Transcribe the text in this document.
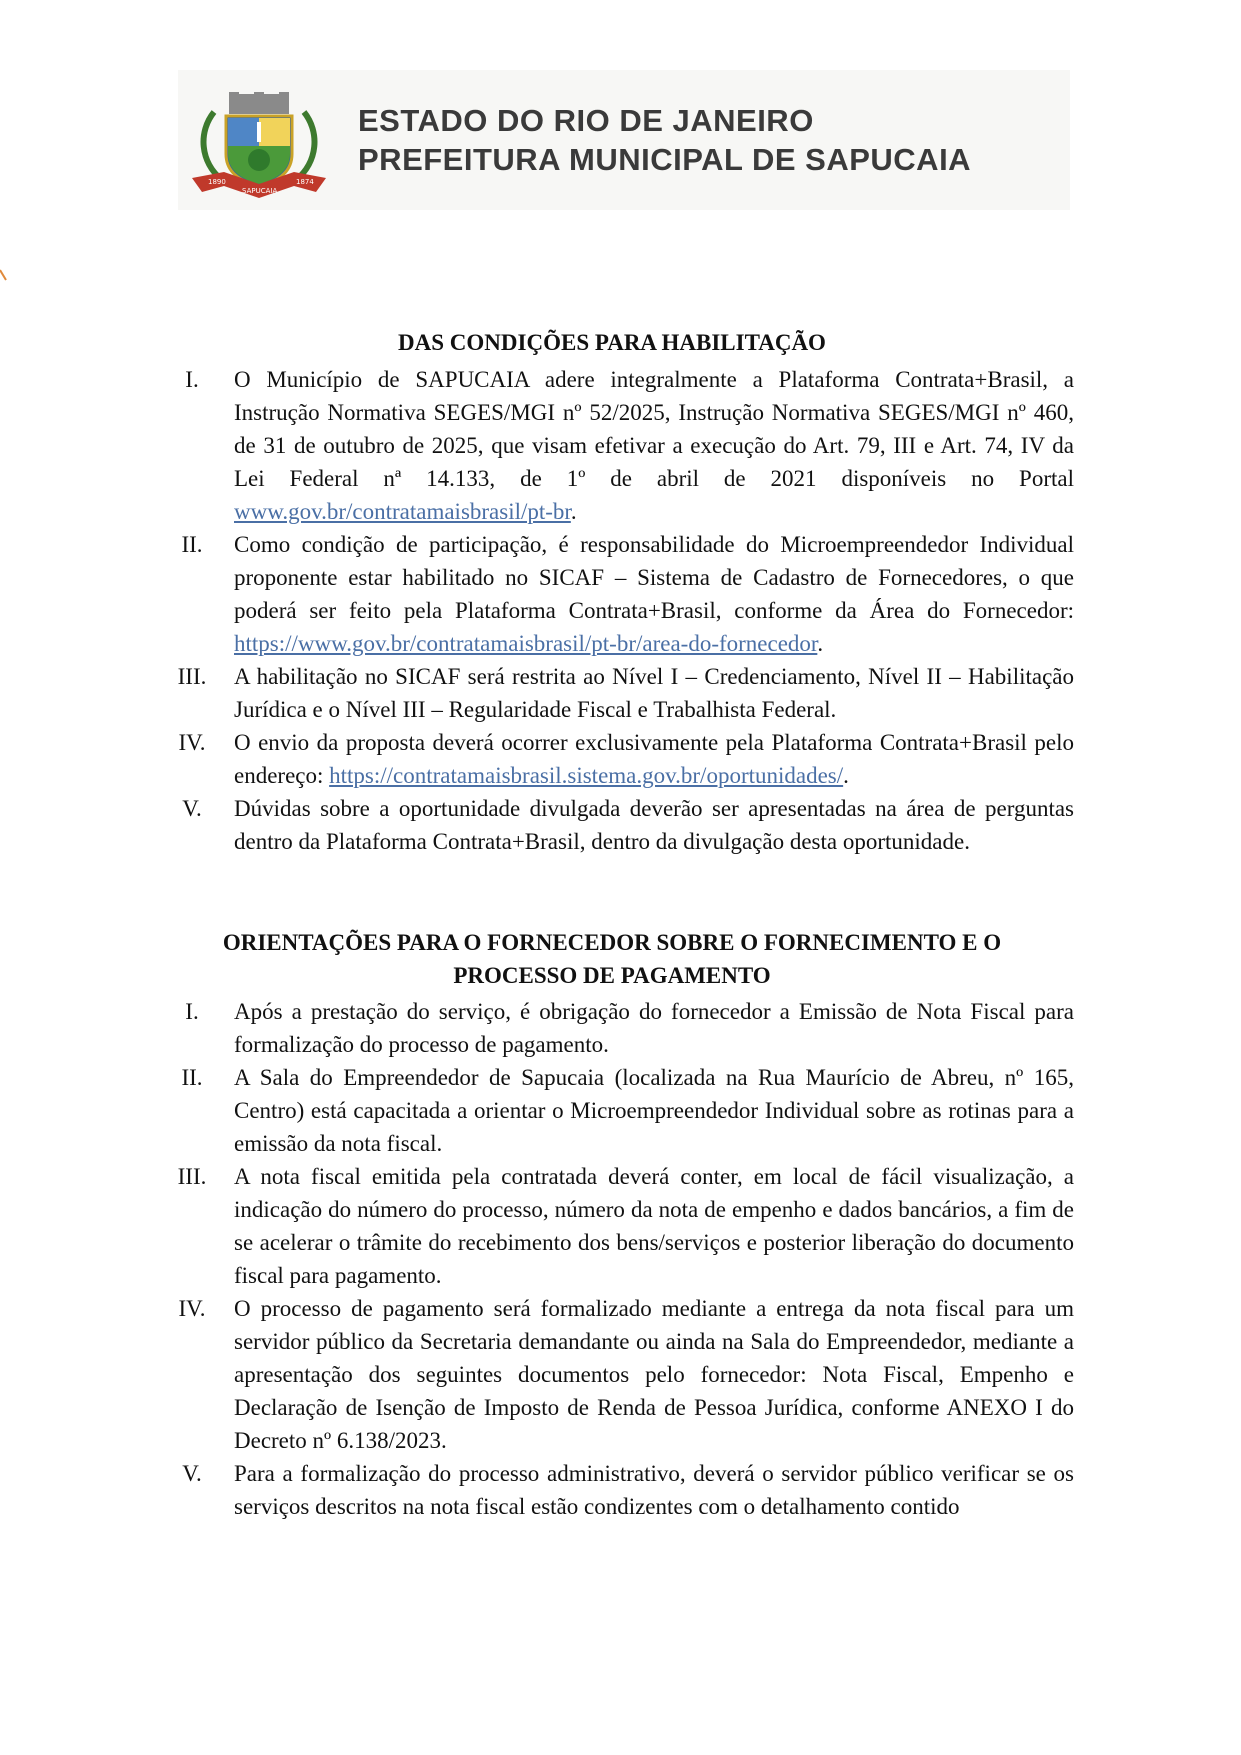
1890	1874
SAPUCAIA
ESTADO DO RIO DE JANEIRO
PREFEITURA MUNICIPAL DE SAPUCAIA
DAS CONDIÇÕES PARA HABILITAÇÃO
I.	O Município de SAPUCAIA adere integralmente a Plataforma Contrata+Brasil, a Instrução Normativa SEGES/MGI nº 52/2025, Instrução Normativa SEGES/MGI nº 460, de 31 de outubro de 2025, que visam efetivar a execução do Art. 79, III e Art. 74, IV da Lei Federal nª 14.133, de 1º de abril de 2021 disponíveis no Portal www.gov.br/contratamaisbrasil/pt-br.
II.	Como condição de participação, é responsabilidade do Microempreendedor Individual proponente estar habilitado no SICAF – Sistema de Cadastro de Fornecedores, o que poderá ser feito pela Plataforma Contrata+Brasil, conforme da Área do Fornecedor: https://www.gov.br/contratamaisbrasil/pt-br/area-do-fornecedor.
III.	A habilitação no SICAF será restrita ao Nível I – Credenciamento, Nível II – Habilitação Jurídica e o Nível III – Regularidade Fiscal e Trabalhista Federal.
IV.	O envio da proposta deverá ocorrer exclusivamente pela Plataforma Contrata+Brasil pelo endereço: https://contratamaisbrasil.sistema.gov.br/oportunidades/.
V.	Dúvidas sobre a oportunidade divulgada deverão ser apresentadas na área de perguntas dentro da Plataforma Contrata+Brasil, dentro da divulgação desta oportunidade.
ORIENTAÇÕES PARA O FORNECEDOR SOBRE O FORNECIMENTO E O
PROCESSO DE PAGAMENTO
I.	Após a prestação do serviço, é obrigação do fornecedor a Emissão de Nota Fiscal para formalização do processo de pagamento.
II.	A Sala do Empreendedor de Sapucaia (localizada na Rua Maurício de Abreu, nº 165, Centro) está capacitada a orientar o Microempreendedor Individual sobre as rotinas para a emissão da nota fiscal.
III.	A nota fiscal emitida pela contratada deverá conter, em local de fácil visualização, a indicação do número do processo, número da nota de empenho e dados bancários, a fim de se acelerar o trâmite do recebimento dos bens/serviços e posterior liberação do documento fiscal para pagamento.
IV.	O processo de pagamento será formalizado mediante a entrega da nota fiscal para um servidor público da Secretaria demandante ou ainda na Sala do Empreendedor, mediante a apresentação dos seguintes documentos pelo fornecedor: Nota Fiscal, Empenho e Declaração de Isenção de Imposto de Renda de Pessoa Jurídica, conforme ANEXO I do Decreto nº 6.138/2023.
V.	Para a formalização do processo administrativo, deverá o servidor público verificar se os serviços descritos na nota fiscal estão condizentes com o detalhamento contido
